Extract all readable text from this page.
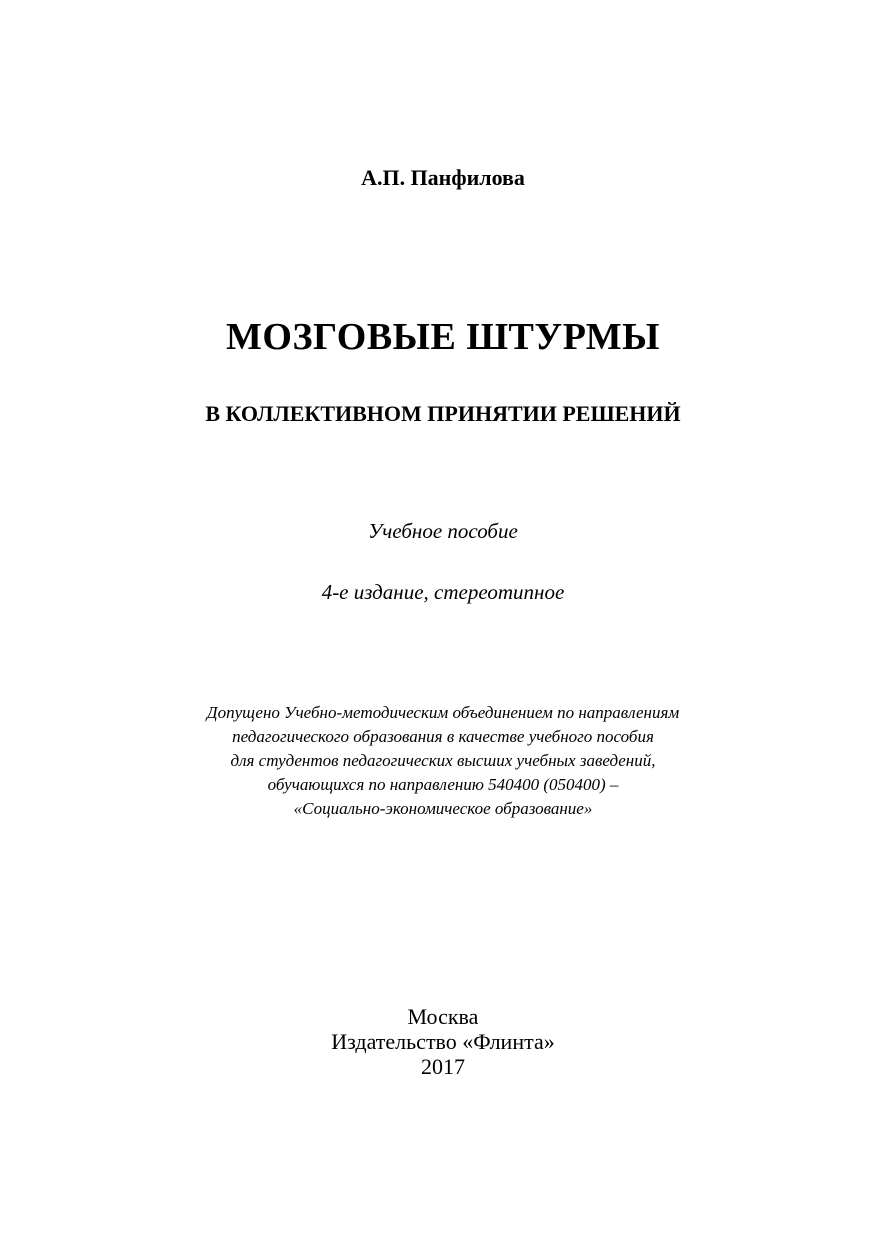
А.П. Панфилова
МОЗГОВЫЕ ШТУРМЫ
В КОЛЛЕКТИВНОМ ПРИНЯТИИ РЕШЕНИЙ
Учебное пособие
4-е издание, стереотипное
Допущено Учебно-методическим объединением по направлениям
педагогического образования в качестве учебного пособия
для студентов педагогических высших учебных заведений,
обучающихся по направлению 540400 (050400) –
«Социально-экономическое образование»
Москва
Издательство «Флинта»
2017
